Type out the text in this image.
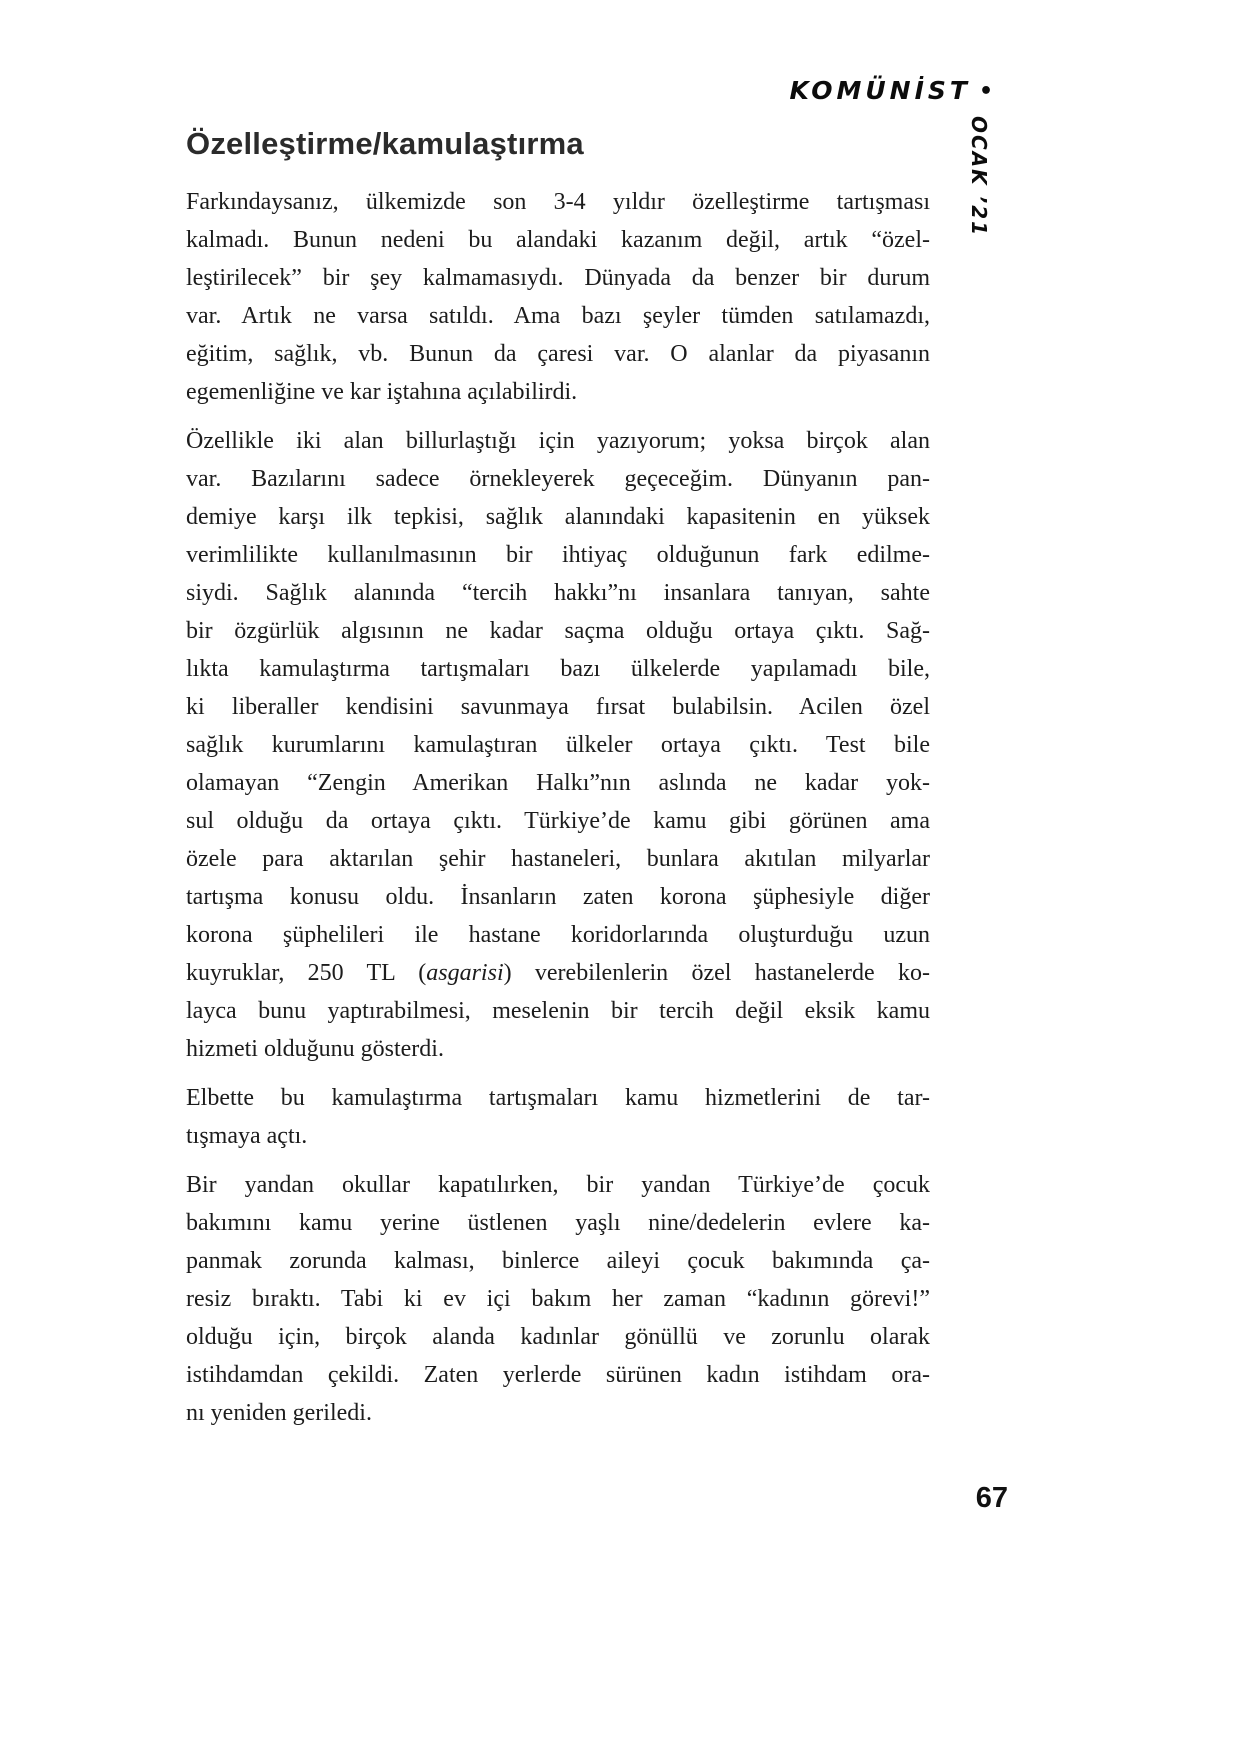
KOMÜNİST •
OCAK ’21
Özelleştirme/kamulaştırma
Farkındaysanız, ülkemizde son 3-4 yıldır özelleştirme tartışması
kalmadı. Bunun nedeni bu alandaki kazanım değil, artık “özel-
leştirilecek” bir şey kalmamasıydı. Dünyada da benzer bir durum
var. Artık ne varsa satıldı. Ama bazı şeyler tümden satılamazdı,
eğitim, sağlık, vb. Bunun da çaresi var. O alanlar da piyasanın
egemenliğine ve kar iştahına açılabilirdi.
Özellikle iki alan billurlaştığı için yazıyorum; yoksa birçok alan
var. Bazılarını sadece örnekleyerek geçeceğim. Dünyanın pan-
demiye karşı ilk tepkisi, sağlık alanındaki kapasitenin en yüksek
verimlilikte kullanılmasının bir ihtiyaç olduğunun fark edilme-
siydi. Sağlık alanında “tercih hakkı”nı insanlara tanıyan, sahte
bir özgürlük algısının ne kadar saçma olduğu ortaya çıktı. Sağ-
lıkta kamulaştırma tartışmaları bazı ülkelerde yapılamadı bile,
ki liberaller kendisini savunmaya fırsat bulabilsin. Acilen özel
sağlık kurumlarını kamulaştıran ülkeler ortaya çıktı. Test bile
olamayan “Zengin Amerikan Halkı”nın aslında ne kadar yok-
sul olduğu da ortaya çıktı. Türkiye’de kamu gibi görünen ama
özele para aktarılan şehir hastaneleri, bunlara akıtılan milyarlar
tartışma konusu oldu. İnsanların zaten korona şüphesiyle diğer
korona şüphelileri ile hastane koridorlarında oluşturduğu uzun
kuyruklar, 250 TL (asgarisi) verebilenlerin özel hastanelerde ko-
layca bunu yaptırabilmesi, meselenin bir tercih değil eksik kamu
hizmeti olduğunu gösterdi.
Elbette bu kamulaştırma tartışmaları kamu hizmetlerini de tar-
tışmaya açtı.
Bir yandan okullar kapatılırken, bir yandan Türkiye’de çocuk
bakımını kamu yerine üstlenen yaşlı nine/dedelerin evlere ka-
panmak zorunda kalması, binlerce aileyi çocuk bakımında ça-
resiz bıraktı. Tabi ki ev içi bakım her zaman “kadının görevi!”
olduğu için, birçok alanda kadınlar gönüllü ve zorunlu olarak
istihdamdan çekildi. Zaten yerlerde sürünen kadın istihdam ora-
nı yeniden geriledi.
67
